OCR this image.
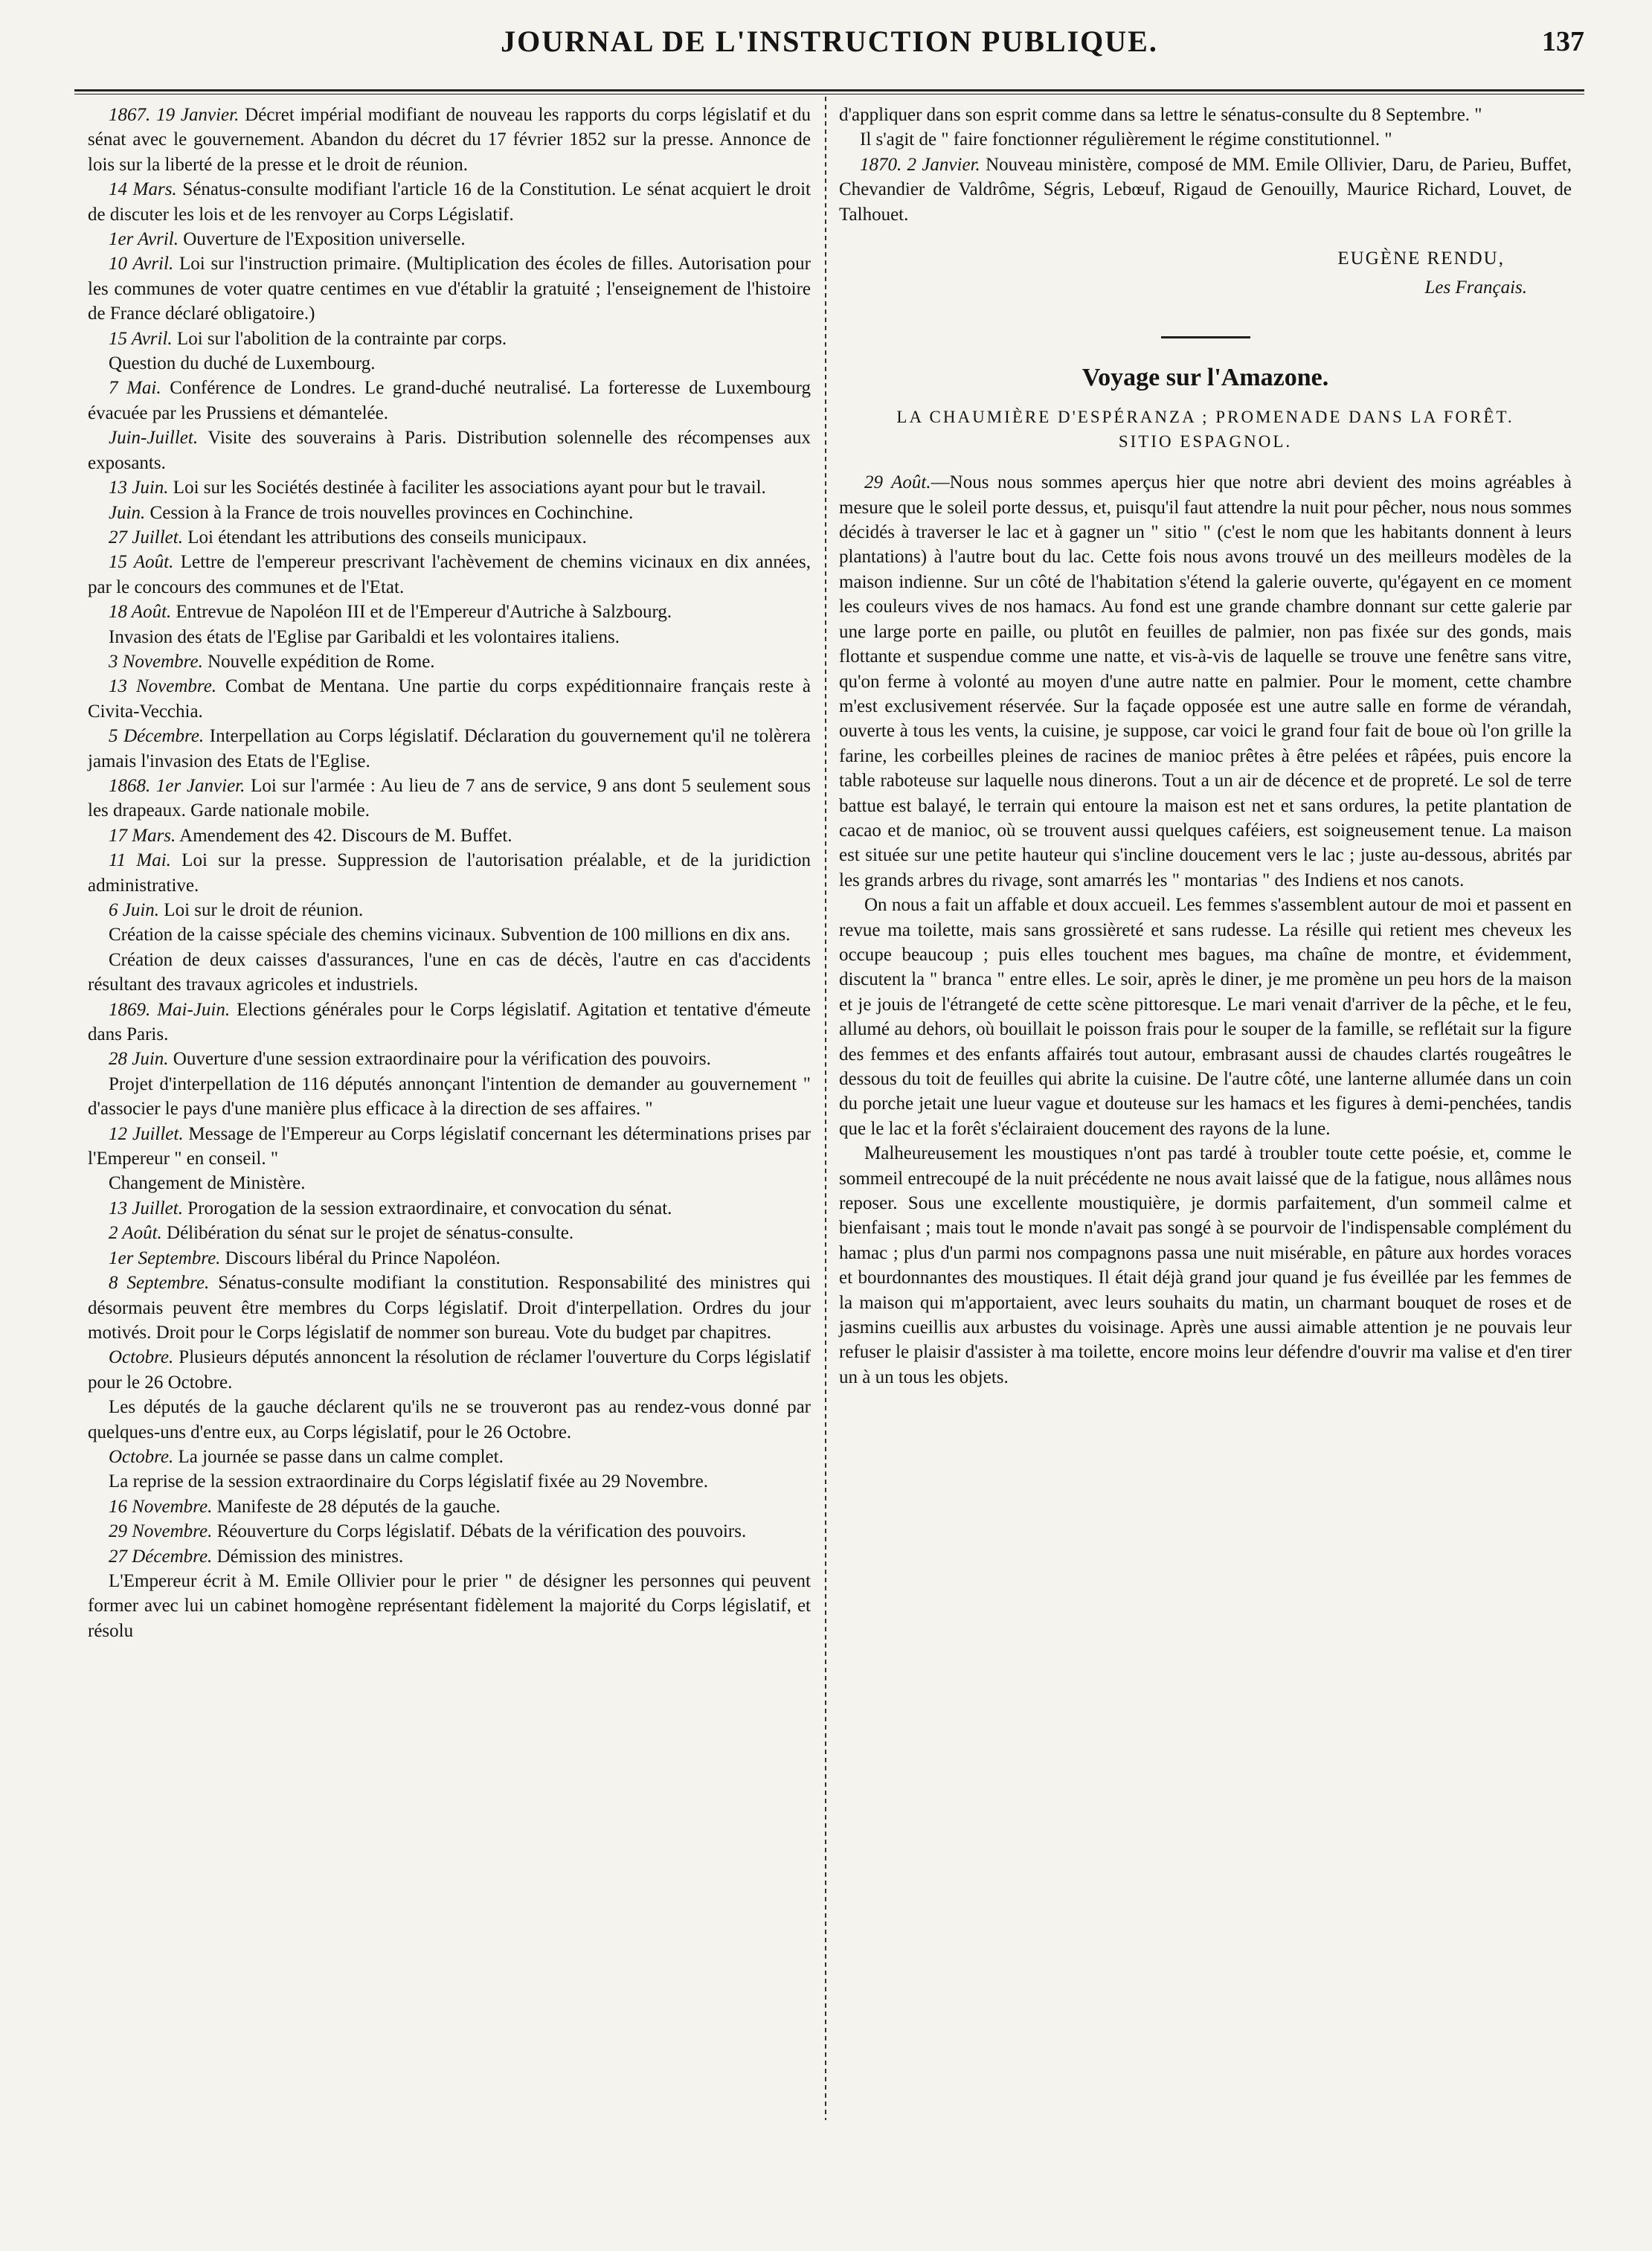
JOURNAL DE L'INSTRUCTION PUBLIQUE.	137

1867. 19 Janvier. Décret impérial modifiant de nouveau les rapports du corps législatif et du sénat avec le gouvernement. Abandon du décret du 17 février 1852 sur la presse. Annonce de lois sur la liberté de la presse et le droit de réunion.

14 Mars. Sénatus-consulte modifiant l'article 16 de la Constitution. Le sénat acquiert le droit de discuter les lois et de les renvoyer au Corps Législatif.

1er Avril. Ouverture de l'Exposition universelle.

10 Avril. Loi sur l'instruction primaire. (Multiplication des écoles de filles. Autorisation pour les communes de voter quatre centimes en vue d'établir la gratuité ; l'enseignement de l'histoire de France déclaré obligatoire.)

15 Avril. Loi sur l'abolition de la contrainte par corps.

Question du duché de Luxembourg.

7 Mai. Conférence de Londres. Le grand-duché neutralisé. La forteresse de Luxembourg évacuée par les Prussiens et démantelée.

Juin-Juillet. Visite des souverains à Paris. Distribution solennelle des récompenses aux exposants.

13 Juin. Loi sur les Sociétés destinée à faciliter les associations ayant pour but le travail.

Juin. Cession à la France de trois nouvelles provinces en Cochinchine.

27 Juillet. Loi étendant les attributions des conseils municipaux.

15 Août. Lettre de l'empereur prescrivant l'achèvement de chemins vicinaux en dix années, par le concours des communes et de l'Etat.

18 Août. Entrevue de Napoléon III et de l'Empereur d'Autriche à Salzbourg.

Invasion des états de l'Eglise par Garibaldi et les volontaires italiens.

3 Novembre. Nouvelle expédition de Rome.

13 Novembre. Combat de Mentana. Une partie du corps expéditionnaire français reste à Civita-Vecchia.

5 Décembre. Interpellation au Corps législatif. Déclaration du gouvernement qu'il ne tolèrera jamais l'invasion des Etats de l'Eglise.

1868. 1er Janvier. Loi sur l'armée : Au lieu de 7 ans de service, 9 ans dont 5 seulement sous les drapeaux. Garde nationale mobile.

17 Mars. Amendement des 42. Discours de M. Buffet.

11 Mai. Loi sur la presse. Suppression de l'autorisation préalable, et de la juridiction administrative.

6 Juin. Loi sur le droit de réunion.

Création de la caisse spéciale des chemins vicinaux. Subvention de 100 millions en dix ans.

Création de deux caisses d'assurances, l'une en cas de décès, l'autre en cas d'accidents résultant des travaux agricoles et industriels.

1869. Mai-Juin. Elections générales pour le Corps législatif. Agitation et tentative d'émeute dans Paris.

28 Juin. Ouverture d'une session extraordinaire pour la vérification des pouvoirs.

Projet d'interpellation de 116 députés annonçant l'intention de demander au gouvernement " d'associer le pays d'une manière plus efficace à la direction de ses affaires. "

12 Juillet. Message de l'Empereur au Corps législatif concernant les déterminations prises par l'Empereur " en conseil. "

Changement de Ministère.

13 Juillet. Prorogation de la session extraordinaire, et convocation du sénat.

2 Août. Délibération du sénat sur le projet de sénatus-consulte.

1er Septembre. Discours libéral du Prince Napoléon.

8 Septembre. Sénatus-consulte modifiant la constitution. Responsabilité des ministres qui désormais peuvent être membres du Corps législatif. Droit d'interpellation. Ordres du jour motivés. Droit pour le Corps législatif de nommer son bureau. Vote du budget par chapitres.

Octobre. Plusieurs députés annoncent la résolution de réclamer l'ouverture du Corps législatif pour le 26 Octobre.

Les députés de la gauche déclarent qu'ils ne se trouveront pas au rendez-vous donné par quelques-uns d'entre eux, au Corps législatif, pour le 26 Octobre.

Octobre. La journée se passe dans un calme complet.

La reprise de la session extraordinaire du Corps législatif fixée au 29 Novembre.

16 Novembre. Manifeste de 28 députés de la gauche.

29 Novembre. Réouverture du Corps législatif. Débats de la vérification des pouvoirs.

27 Décembre. Démission des ministres.

L'Empereur écrit à M. Emile Ollivier pour le prier " de désigner les personnes qui peuvent former avec lui un cabinet homogène représentant fidèlement la majorité du Corps législatif, et résolu

d'appliquer dans son esprit comme dans sa lettre le sénatus-consulte du 8 Septembre. "

Il s'agit de " faire fonctionner régulièrement le régime constitutionnel. "

1870. 2 Janvier. Nouveau ministère, composé de MM. Emile Ollivier, Daru, de Parieu, Buffet, Chevandier de Valdrôme, Ségris, Lebœuf, Rigaud de Genouilly, Maurice Richard, Louvet, de Talhouet.

EUGÈNE RENDU,
Les Français.
Voyage sur l'Amazone.
LA CHAUMIÈRE D'ESPÉRANZA ; PROMENADE DANS LA FORÊT. SITIO ESPAGNOL.

29 Août.—Nous nous sommes aperçus hier que notre abri devient des moins agréables à mesure que le soleil porte dessus, et, puisqu'il faut attendre la nuit pour pêcher, nous nous sommes décidés à traverser le lac et à gagner un " sitio " (c'est le nom que les habitants donnent à leurs plantations) à l'autre bout du lac. Cette fois nous avons trouvé un des meilleurs modèles de la maison indienne. Sur un côté de l'habitation s'étend la galerie ouverte, qu'égayent en ce moment les couleurs vives de nos hamacs. Au fond est une grande chambre donnant sur cette galerie par une large porte en paille, ou plutôt en feuilles de palmier, non pas fixée sur des gonds, mais flottante et suspendue comme une natte, et vis-à-vis de laquelle se trouve une fenêtre sans vitre, qu'on ferme à volonté au moyen d'une autre natte en palmier. Pour le moment, cette chambre m'est exclusivement réservée. Sur la façade opposée est une autre salle en forme de vérandah, ouverte à tous les vents, la cuisine, je suppose, car voici le grand four fait de boue où l'on grille la farine, les corbeilles pleines de racines de manioc prêtes à être pelées et râpées, puis encore la table raboteuse sur laquelle nous dinerons. Tout a un air de décence et de propreté. Le sol de terre battue est balayé, le terrain qui entoure la maison est net et sans ordures, la petite plantation de cacao et de manioc, où se trouvent aussi quelques caféiers, est soigneusement tenue. La maison est située sur une petite hauteur qui s'incline doucement vers le lac ; juste au-dessous, abrités par les grands arbres du rivage, sont amarrés les " montarias " des Indiens et nos canots.

On nous a fait un affable et doux accueil. Les femmes s'assemblent autour de moi et passent en revue ma toilette, mais sans grossièreté et sans rudesse. La résille qui retient mes cheveux les occupe beaucoup ; puis elles touchent mes bagues, ma chaîne de montre, et évidemment, discutent la " branca " entre elles. Le soir, après le diner, je me promène un peu hors de la maison et je jouis de l'étrangeté de cette scène pittoresque. Le mari venait d'arriver de la pêche, et le feu, allumé au dehors, où bouillait le poisson frais pour le souper de la famille, se reflétait sur la figure des femmes et des enfants affairés tout autour, embrasant aussi de chaudes clartés rougeâtres le dessous du toit de feuilles qui abrite la cuisine. De l'autre côté, une lanterne allumée dans un coin du porche jetait une lueur vague et douteuse sur les hamacs et les figures à demi-penchées, tandis que le lac et la forêt s'éclairaient doucement des rayons de la lune.

Malheureusement les moustiques n'ont pas tardé à troubler toute cette poésie, et, comme le sommeil entrecoupé de la nuit précédente ne nous avait laissé que de la fatigue, nous allâmes nous reposer. Sous une excellente moustiquière, je dormis parfaitement, d'un sommeil calme et bienfaisant ; mais tout le monde n'avait pas songé à se pourvoir de l'indispensable complément du hamac ; plus d'un parmi nos compagnons passa une nuit misérable, en pâture aux hordes voraces et bourdonnantes des moustiques. Il était déjà grand jour quand je fus éveillée par les femmes de la maison qui m'apportaient, avec leurs souhaits du matin, un charmant bouquet de roses et de jasmins cueillis aux arbustes du voisinage. Après une aussi aimable attention je ne pouvais leur refuser le plaisir d'assister à ma toilette, encore moins leur défendre d'ouvrir ma valise et d'en tirer un à un tous les objets.
